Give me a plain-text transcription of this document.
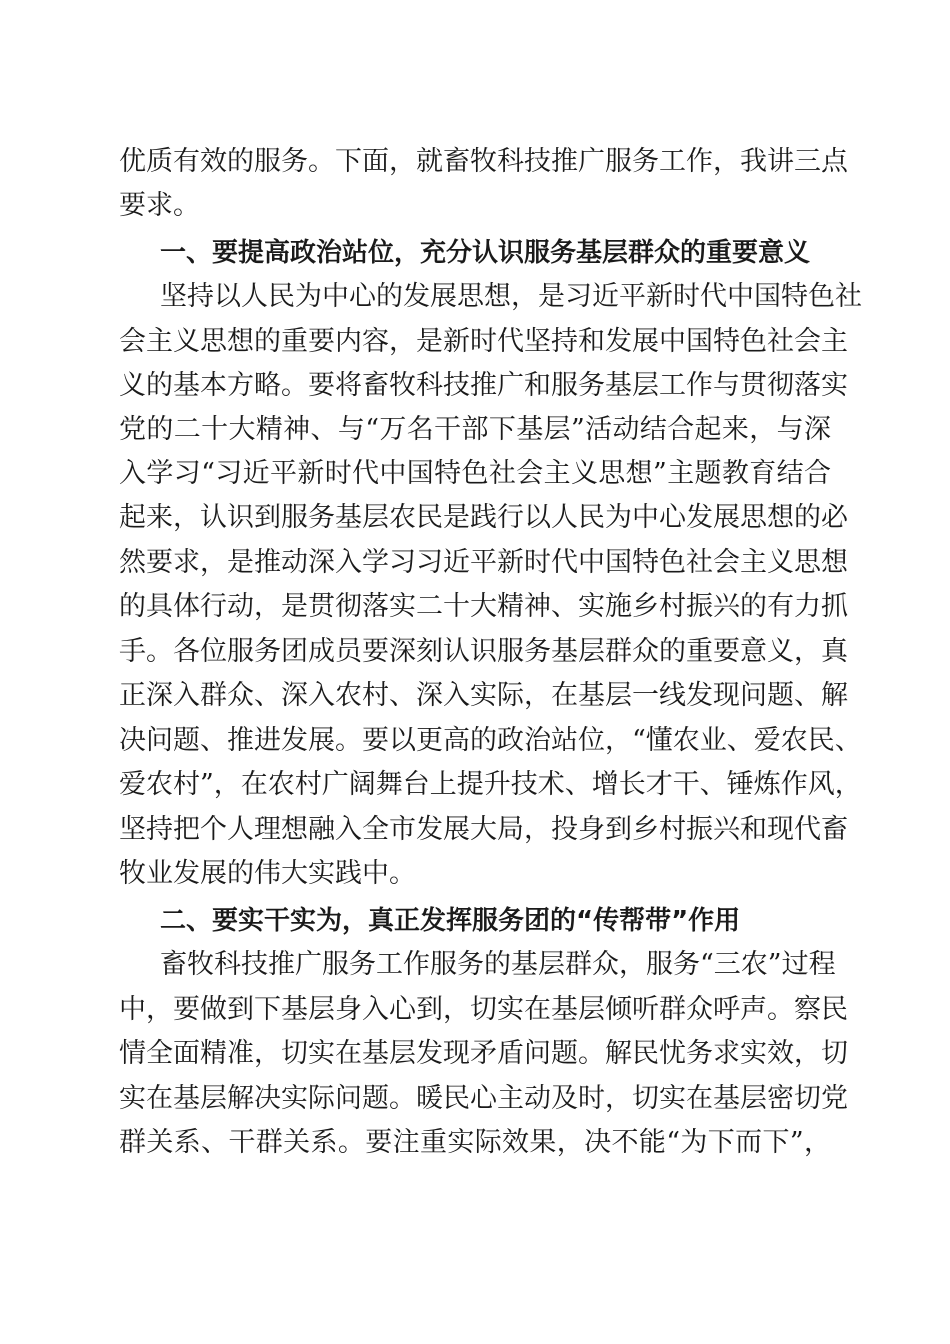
优质有效的服务。下面，就畜牧科技推广服务工作，我讲三点
要求。
一、要提高政治站位，充分认识服务基层群众的重要意义
坚持以人民为中心的发展思想，是习近平新时代中国特色社
会主义思想的重要内容，是新时代坚持和发展中国特色社会主
义的基本方略。要将畜牧科技推广和服务基层工作与贯彻落实
党的二十大精神、与“万名干部下基层”活动结合起来，与深
入学习“习近平新时代中国特色社会主义思想”主题教育结合
起来，认识到服务基层农民是践行以人民为中心发展思想的必
然要求，是推动深入学习习近平新时代中国特色社会主义思想
的具体行动，是贯彻落实二十大精神、实施乡村振兴的有力抓
手。各位服务团成员要深刻认识服务基层群众的重要意义，真
正深入群众、深入农村、深入实际，在基层一线发现问题、解
决问题、推进发展。要以更高的政治站位，“懂农业、爱农民、
爱农村”，在农村广阔舞台上提升技术、增长才干、锤炼作风，
坚持把个人理想融入全市发展大局，投身到乡村振兴和现代畜
牧业发展的伟大实践中。
二、要实干实为，真正发挥服务团的“传帮带”作用
畜牧科技推广服务工作服务的基层群众，服务“三农”过程
中，要做到下基层身入心到，切实在基层倾听群众呼声。察民
情全面精准，切实在基层发现矛盾问题。解民忧务求实效，切
实在基层解决实际问题。暖民心主动及时，切实在基层密切党
群关系、干群关系。要注重实际效果，决不能“为下而下”，
